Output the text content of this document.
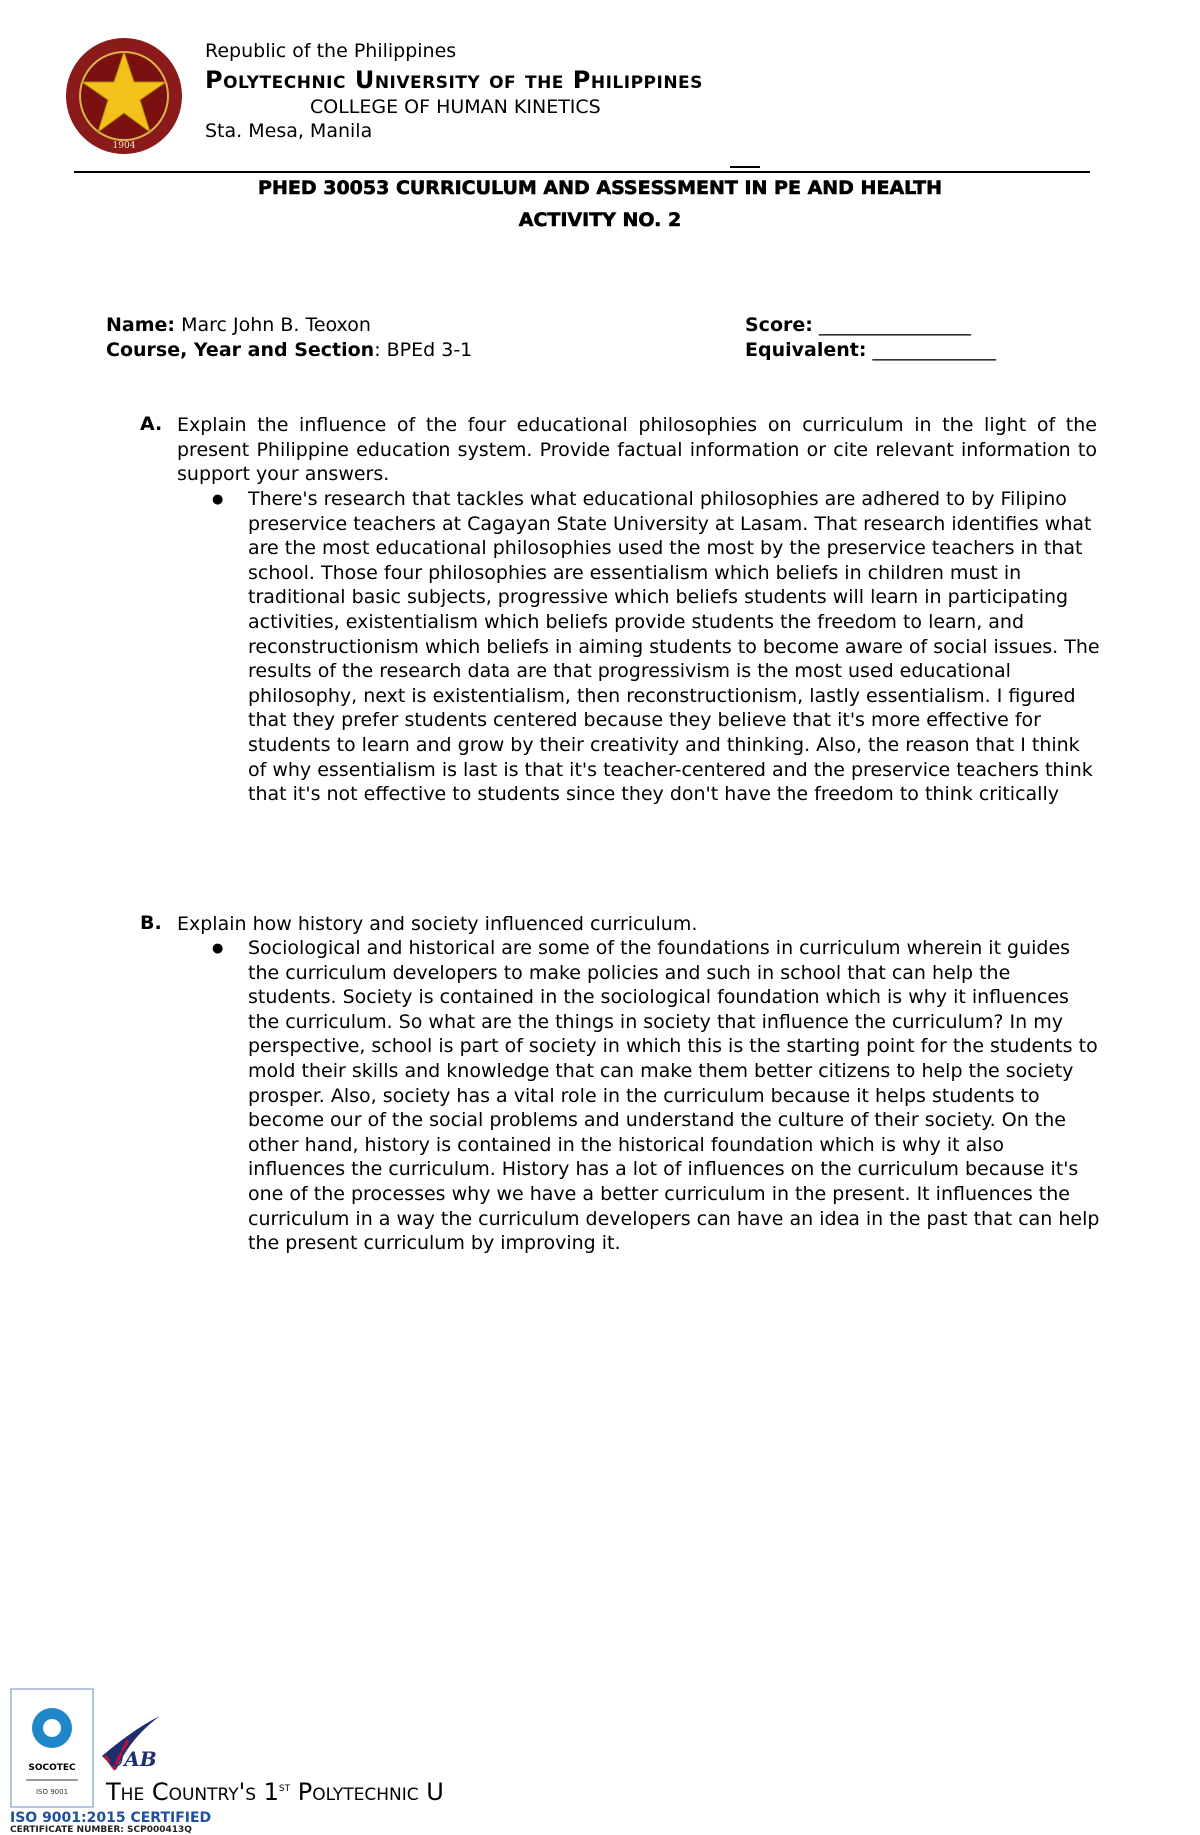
1904
Republic of the Philippines
Polytechnic University of the Philippines
COLLEGE OF HUMAN KINETICS
Sta. Mesa, Manila
PHED 30053 CURRICULUM AND ASSESSMENT IN PE AND HEALTH
ACTIVITY NO. 2
Name: Marc John B. Teoxon
Course, Year and Section: BPEd 3-1
Score: ________________
Equivalent: _____________
A. Explain the influence of the four educational philosophies on curriculum in the light of the present Philippine education system. Provide factual information or cite relevant information to support your answers.
● There's research that tackles what educational philosophies are adhered to by Filipino preservice teachers at Cagayan State University at Lasam. That research identifies what are the most educational philosophies used the most by the preservice teachers in that school. Those four philosophies are essentialism which beliefs in children must in traditional basic subjects, progressive which beliefs students will learn in participating activities, existentialism which beliefs provide students the freedom to learn, and reconstructionism which beliefs in aiming students to become aware of social issues. The results of the research data are that progressivism is the most used educational philosophy, next is existentialism, then reconstructionism, lastly essentialism. I figured that they prefer students centered because they believe that it's more effective for students to learn and grow by their creativity and thinking. Also, the reason that I think of why essentialism is last is that it's teacher-centered and the preservice teachers think that it's not effective to students since they don't have the freedom to think critically
B. Explain how history and society influenced curriculum.
● Sociological and historical are some of the foundations in curriculum wherein it guides the curriculum developers to make policies and such in school that can help the students. Society is contained in the sociological foundation which is why it influences the curriculum. So what are the things in society that influence the curriculum? In my perspective, school is part of society in which this is the starting point for the students to mold their skills and knowledge that can make them better citizens to help the society prosper. Also, society has a vital role in the curriculum because it helps students to become our of the social problems and understand the culture of their society. On the other hand, history is contained in the historical foundation which is why it also influences the curriculum. History has a lot of influences on the curriculum because it's one of the processes why we have a better curriculum in the present. It influences the curriculum in a way the curriculum developers can have an idea in the past that can help the present curriculum by improving it.
SOCOTEC
ISO 9001
UAB
The Country's 1st Polytechnic U
ISO 9001:2015 CERTIFIED
CERTIFICATE NUMBER: SCP000413Q
